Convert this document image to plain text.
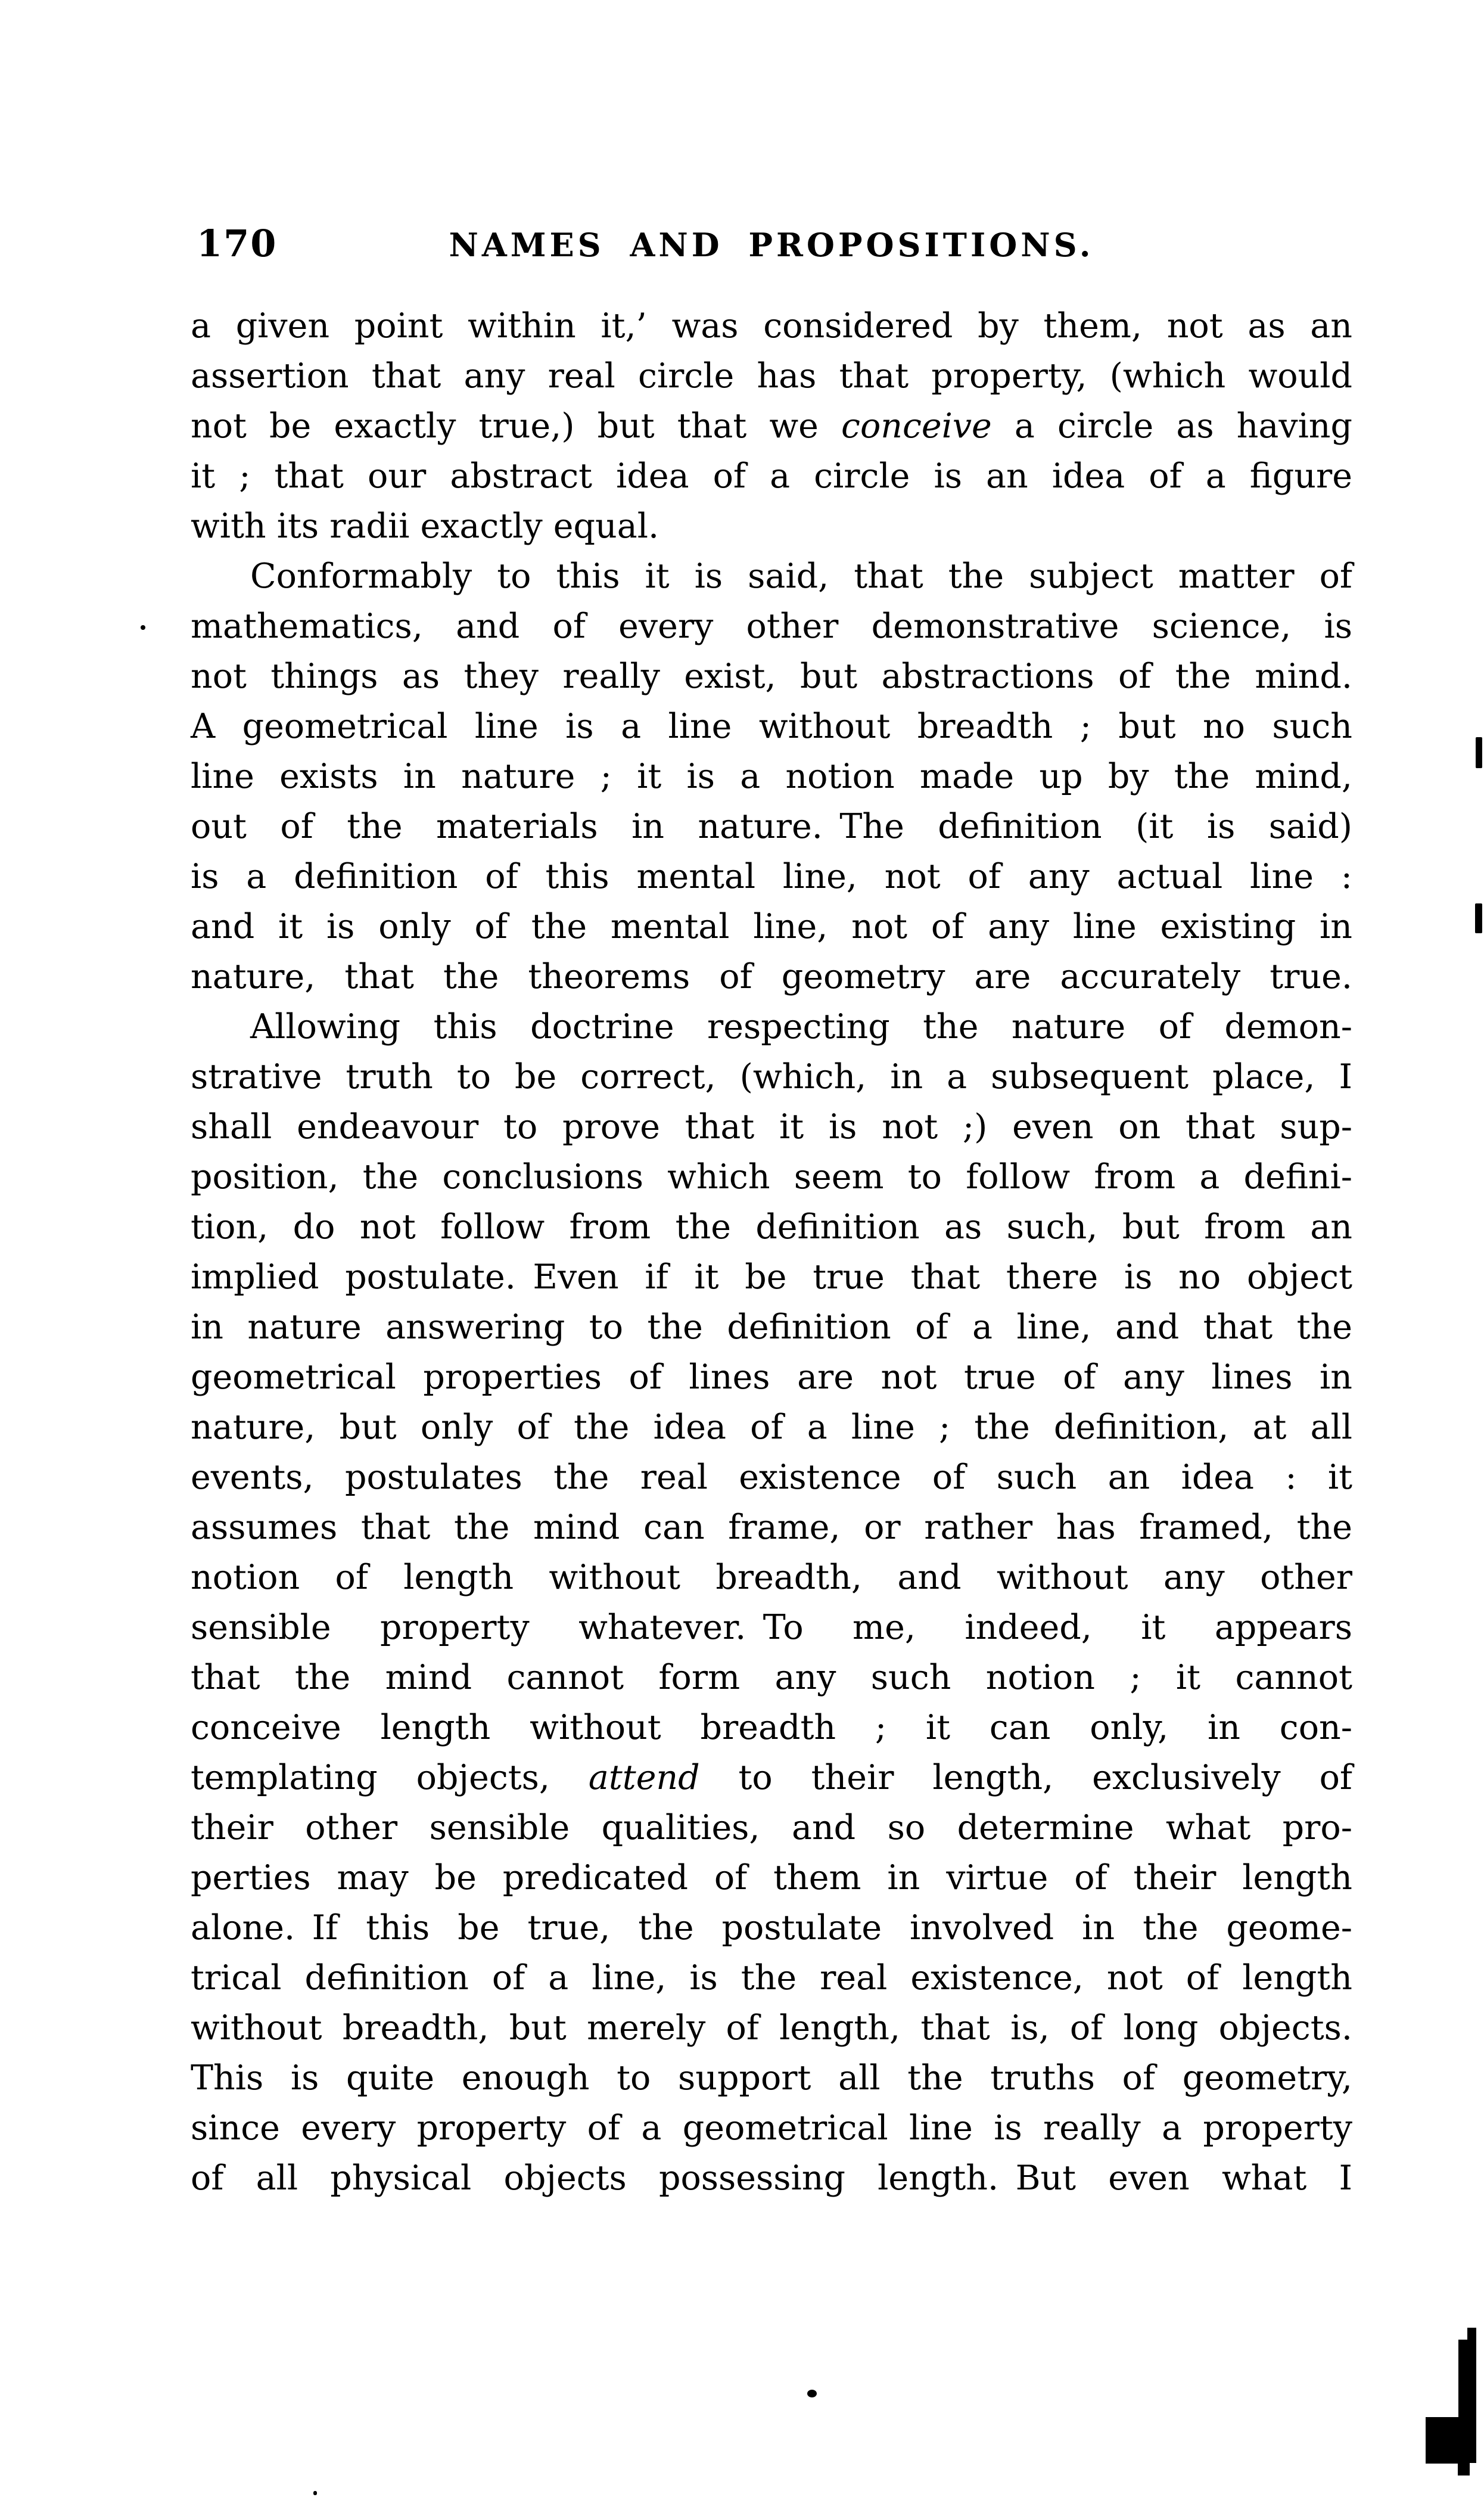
170	NAMES AND PROPOSITIONS.
a given point within it,’ was considered by them, not as an
assertion that any real circle has that property, (which would
not be exactly true,) but that we conceive a circle as having
it ; that our abstract idea of a circle is an idea of a figure
with its radii exactly equal.
Conformably to this it is said, that the subject matter of
mathematics, and of every other demonstrative science, is
not things as they really exist, but abstractions of the mind.
A geometrical line is a line without breadth ; but no such
line exists in nature ; it is a notion made up by the mind,
out of the materials in nature. The definition (it is said)
is a definition of this mental line, not of any actual line :
and it is only of the mental line, not of any line existing in
nature, that the theorems of geometry are accurately true.
Allowing this doctrine respecting the nature of demon-
strative truth to be correct, (which, in a subsequent place, I
shall endeavour to prove that it is not ;) even on that sup-
position, the conclusions which seem to follow from a defini-
tion, do not follow from the definition as such, but from an
implied postulate. Even if it be true that there is no object
in nature answering to the definition of a line, and that the
geometrical properties of lines are not true of any lines in
nature, but only of the idea of a line ; the definition, at all
events, postulates the real existence of such an idea : it
assumes that the mind can frame, or rather has framed, the
notion of length without breadth, and without any other
sensible property whatever. To me, indeed, it appears
that the mind cannot form any such notion ; it cannot
conceive length without breadth ; it can only, in con-
templating objects, attend to their length, exclusively of
their other sensible qualities, and so determine what pro-
perties may be predicated of them in virtue of their length
alone. If this be true, the postulate involved in the geome-
trical definition of a line, is the real existence, not of length
without breadth, but merely of length, that is, of long objects.
This is quite enough to support all the truths of geometry,
since every property of a geometrical line is really a property
of all physical objects possessing length. But even what I
